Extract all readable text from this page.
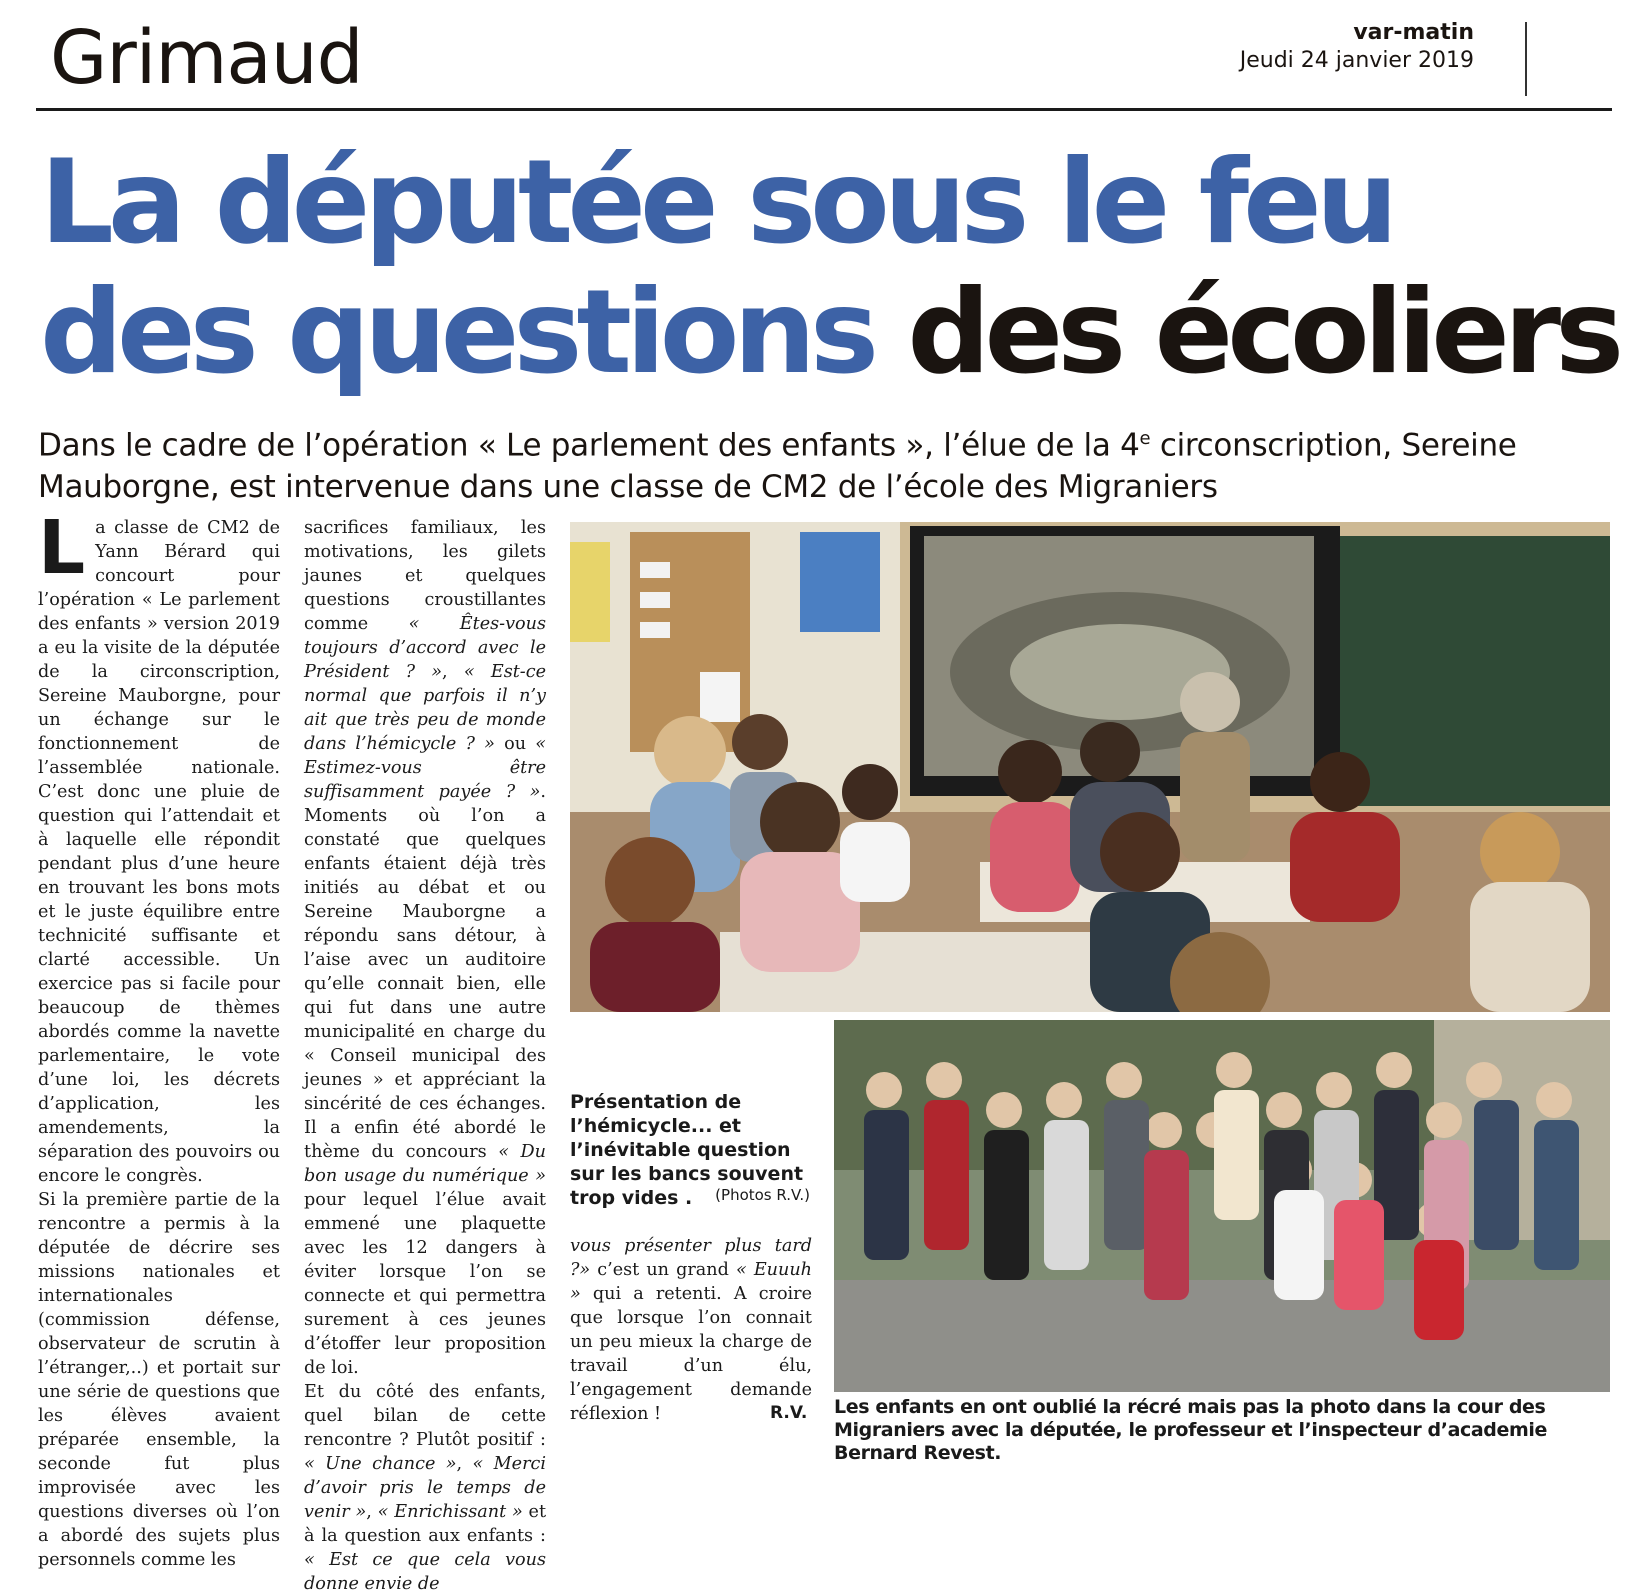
Grimaud	var-matin
Jeudi 24 janvier 2019
La députée sous le feu
des questions des écoliers
Dans le cadre de l’opération « Le parlement des enfants », l’élue de la 4e circonscription, Sereine Mauborgne, est intervenue dans une classe de CM2 de l’école des Migraniers

La classe de CM2 de Yann Bérard qui concourt pour l’opération « Le parlement des enfants » version 2019 a eu la visite de la députée de la circonscription, Sereine Mauborgne, pour un échange sur le fonctionnement de l’assemblée nationale. C’est donc une pluie de question qui l’attendait et à laquelle elle répondit pendant plus d’une heure en trouvant les bons mots et le juste équilibre entre technicité suffisante et clarté accessible. Un exercice pas si facile pour beaucoup de thèmes abordés comme la navette parlementaire, le vote d’une loi, les décrets d’application, les amendements, la séparation des pouvoirs ou encore le congrès.

Si la première partie de la rencontre a permis à la députée de décrire ses missions nationales et internationales (commission défense, observateur de scrutin à l’étranger,..) et portait sur une série de questions que les élèves avaient préparée ensemble, la seconde fut plus improvisée avec les questions diverses où l’on a abordé des sujets plus personnels comme les

sacrifices familiaux, les motivations, les gilets jaunes et quelques questions croustillantes comme « Êtes-vous toujours d’accord avec le Président ? », « Est-ce normal que parfois il n’y ait que très peu de monde dans l’hémicycle ? » ou « Estimez-vous être suffisamment payée ? ». Moments où l’on a constaté que quelques enfants étaient déjà très initiés au débat et ou Sereine Mauborgne a répondu sans détour, à l’aise avec un auditoire qu’elle connait bien, elle qui fut dans une autre municipalité en charge du « Conseil municipal des jeunes » et appréciant la sincérité de ces échanges. Il a enfin été abordé le thème du concours « Du bon usage du numérique » pour lequel l’élue avait emmené une plaquette avec les 12 dangers à éviter lorsque l’on se connecte et qui permettra surement à ces jeunes d’étoffer leur proposition de loi.

Et du côté des enfants, quel bilan de cette rencontre ? Plutôt positif : « Une chance », « Merci d’avoir pris le temps de venir », « Enrichissant » et à la question aux enfants : « Est ce que cela vous donne envie de

vous présenter plus tard ?» c’est un grand « Euuuh » qui a retenti. A croire que lorsque l’on connait un peu mieux la charge de travail d’un élu, l’engagement demande réflexion !	R.V.
Présentation de l’hémicycle... et l’inévitable question sur les bancs souvent trop vides .	(Photos R.V.)
Les enfants en ont oublié la récré mais pas la photo dans la cour des Migraniers avec la députée, le professeur et l’inspecteur d’academie Bernard Revest.
